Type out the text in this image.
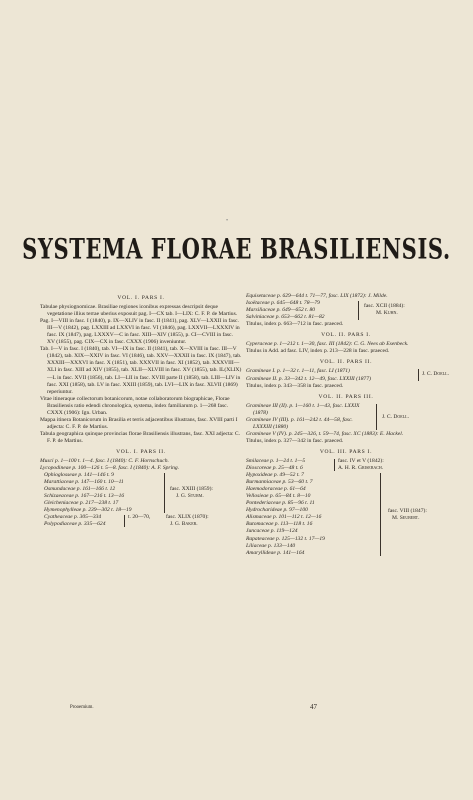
•
SYSTEMA FLORAE BRASILIENSIS.
VOL. I. PARS I.
Tabulae physiognomicae. Brasiliae regiones iconibus expressas descripsit deque vegetatione illius terrae uberius exposuit pag. I—CX tab. I—LIX: C. F. P. de Martius.
Pag. I—VIII in fasc. I (1840), p. IX—XLIV in fasc. II (1841), pag. XLV—LXXII in fasc. III—V (1842), pag. LXXIII ad LXXVI in fasc. VI (1846), pag. LXXVII—LXXXIV in fasc. IX (1847), pag. LXXXV—C in fasc. XIII—XIV (1855), p. CI—CVIII in fasc. XV (1855), pag. CIX—CX in fasc. CXXX (1906) inveniuntur.
Tab. I—V in fasc. I (1840), tab. VI—IX in fasc. II (1841), tab. X—XVIII in fasc. III—V (1842), tab. XIX—XXIV in fasc. VI (1846), tab. XXV—XXXII in fasc. IX (1847), tab. XXXIII—XXXVI in fasc. X (1851), tab. XXXVII in fasc. XI (1852), tab. XXXVIII—XLI in fasc. XIII ad XIV (1855), tab. XLII—XLVIII in fasc. XV (1855), tab. IL(XLIX)—L in fasc. XVII (1856), tab. LI—LII in fasc. XVIII parte II (1858), tab. LIII—LIV in fasc. XXI (1858), tab. LV in fasc. XXIII (1859), tab. LVI—LIX in fasc. XLVII (1869) reperiuntur.
Vitae itineraque collectorum botanicorum, notae collaboratorum biographicae, Florae Brasiliensis ratio edendi chronologica, systema, index familiarum p. 1—268 fasc. CXXX (1906): Ign. Urban.
Mappa itinera Botanicorum in Brasilia et terris adjacentibus illustrans, fasc. XVIII parti I adjecta: C. F. P. de Martius.
Tabula geographica quinque provincias florae Brasiliensis illustrans, fasc. XXI adjecta: C. F. P. de Martius.
VOL. I. PARS II.
Musci p. 1—100 t. 1—4. fasc. I (1840): C. F. Hornschuch.
Lycopodineae p. 100—126 t. 5—8. fasc. I (1840): A. F. Spring.
Ophioglosseae p. 141—146 t. 9
Marattiaceae p. 147—160 t. 10—11
Osmundaceae p. 161—166 t. 12
Schizaeaceae p. 167—216 t. 13—16
Gleicheniaceae p. 217—238 t. 17
Hymenophylleae p. 239—302 t. 18—19
fasc. XXIII (1859):
J. G. Sturm.
Cyatheaceae p. 305—334
Polypodiaceae p. 335—624
t. 20—70,	fasc. XLIX (1870):
J. G. Baker.
Prooemium.
Equisetaceae p. 629—644 t. 71—77, fasc. LIX (1872): J. Milde.
Isoëtaceae p. 645—648 t. 78—79
Marsiliaceae p. 649—652 t. 80
Salviniaceae p. 653—662 t. 81—82
fasc. XCII (1884):
M. Kuhn.
Titulus, index p. 663—712 in fasc. praeced.
VOL. II. PARS I.
Cyperaceae p. 1—212 t. 1—30, fasc. III (1842): C. G. Nees ab Esenbeck.
Titulus in Add. ad fasc. LIV, index p. 213—228 in fasc. praeced.
VOL. II. PARS II.
Gramineae I. p. 1—32 t. 1—11, fasc. LI (1871)
Gramineae II. p. 33—342 t. 12—49, fasc. LXXIII (1877)
J. C. Doell.
Titulus, index p. 343—358 in fasc. praeced.
VOL. II. PARS III.
Gramineae III (II). p. 1—160 t. 1—43, fasc. LXXIX (1878)
Gramineae IV (III). p. 161—242 t. 44—58, fasc. LXXXIII (1880)
J. C. Doell.
Gramineae V (IV). p. 245—326, t. 59—74, fasc. XC (1883): E. Hackel.
Titulus, index p. 327—342 in fasc. praeced.
VOL. III. PARS I.
Smilaceae p. 1—24 t. 1—5
Dioscoreae p. 25—48 t. 6
fasc. IV et V (1842):
A. H. R. Grisebach.
Hypoxideae p. 49—52 t. 7
Burmanniaceae p. 53—60 t. 7
Haemodoraceae p. 61—64
Vellosieae p. 65—84 t. 8—10
Pontederiaceae p. 85—96 t. 11
Hydrocharideae p. 97—100
Alismaceae p. 101—112 t. 12—16
Butomaceae p. 113—118 t. 16
Juncaceae p. 119—124
Rapateaceae p. 125—132 t. 17—19
Liliaceae p. 133—140
Amaryllideae p. 141—164
fasc. VIII (1847):
M. Seubert.
47
